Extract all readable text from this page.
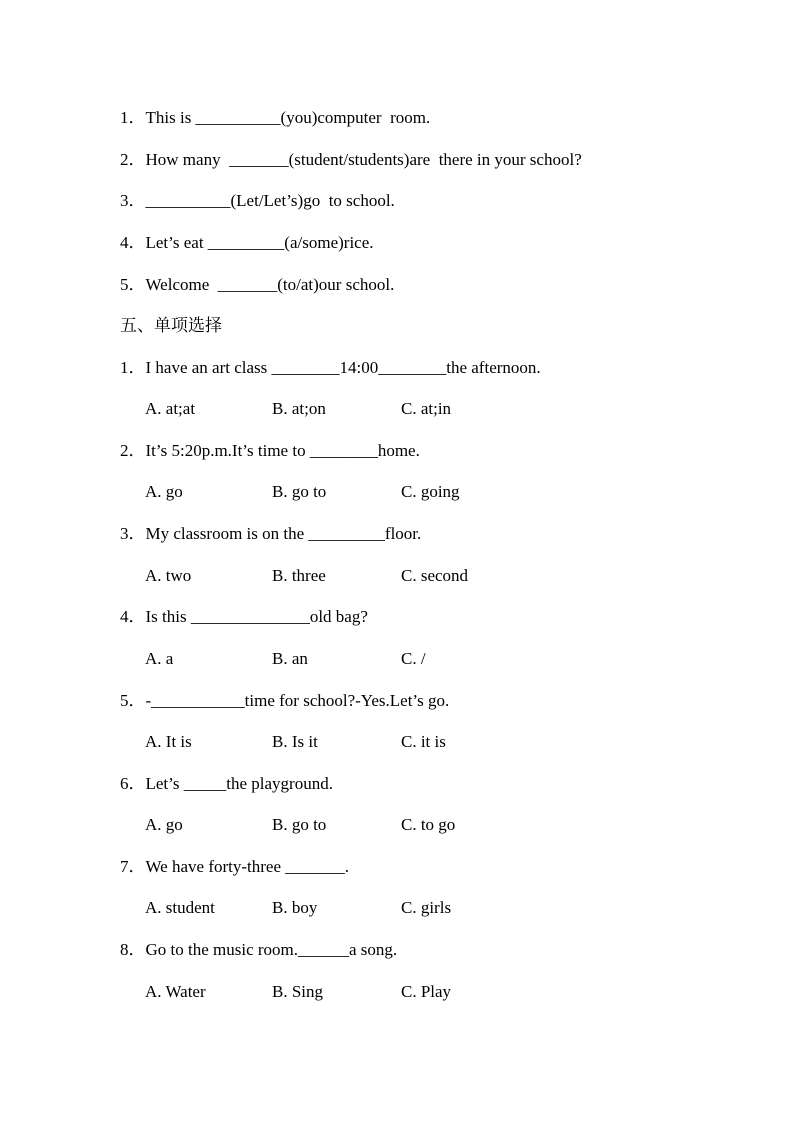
1．This is __________(you)computer  room.
2．How many  _______(student/students)are  there in your school?
3．__________(Let/Let’s)go  to school.
4．Let’s eat _________(a/some)rice.
5．Welcome  _______(to/at)our school.
五、单项选择
1．I have an art class ________14:00________the afternoon.
A. at;at	B. at;on	C. at;in
2．It’s 5:20p.m.It’s time to ________home.
A. go	B. go to	C. going
3．My classroom is on the _________floor.
A. two	B. three	C. second
4．Is this ______________old bag?
A. a	B. an	C. /
5．-___________time for school?-Yes.Let’s go.
A. It is	B. Is it	C. it is
6．Let’s _____the playground.
A. go	B. go to	C. to go
7．We have forty-three _______.
A. student	B. boy	C. girls
8．Go to the music room.______a song.
A. Water	B. Sing	C. Play
